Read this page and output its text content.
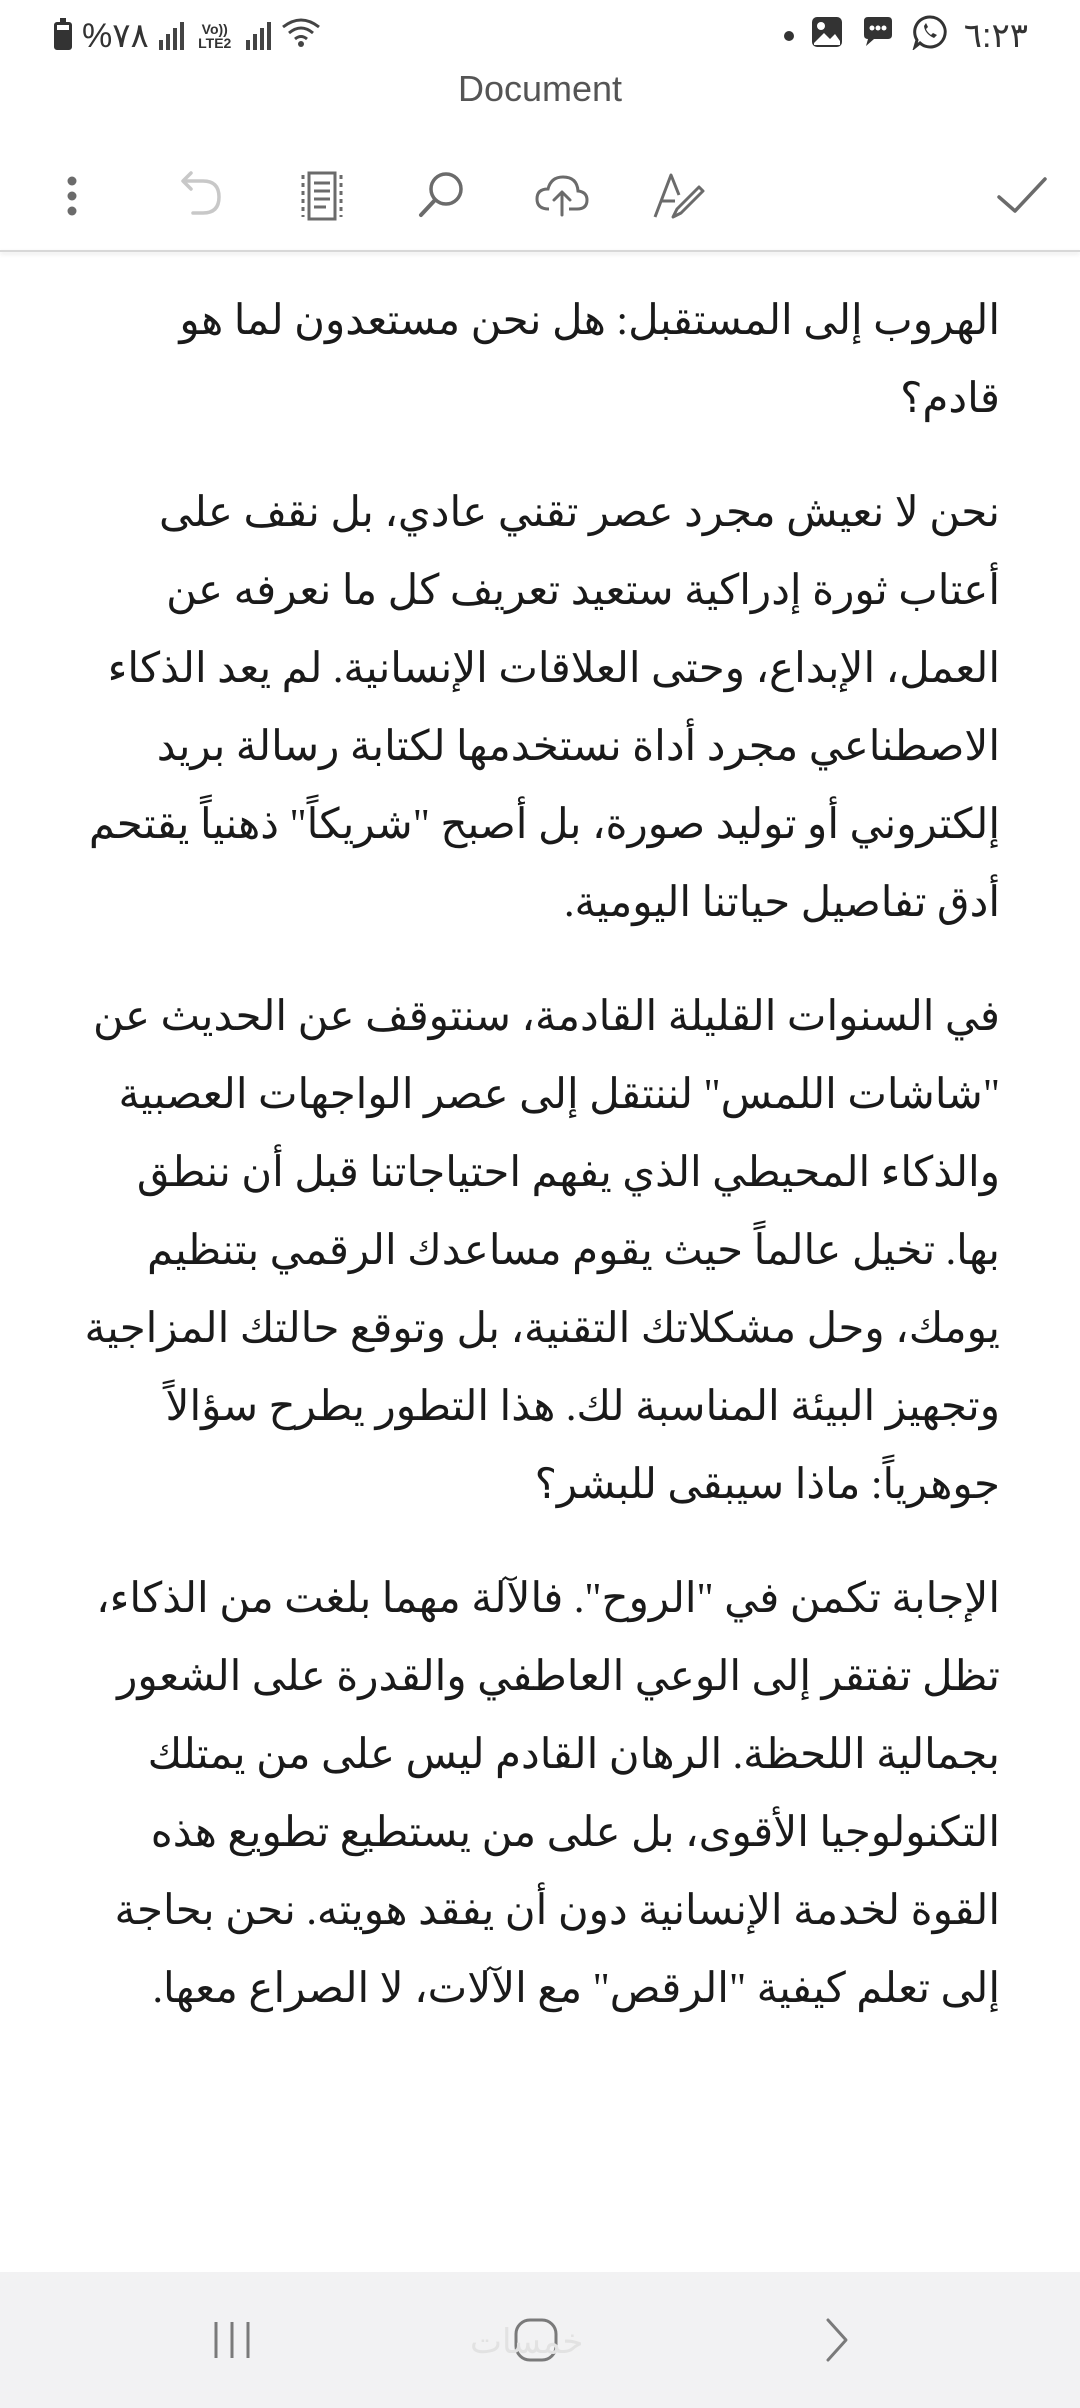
%٧٨	Vo)) LTE2	٦:٢٣
Document

الهروب إلى المستقبل: هل نحن مستعدون لما هو قادم؟

نحن لا نعيش مجرد عصر تقني عادي، بل نقف على أعتاب ثورة إدراكية ستعيد تعريف كل ما نعرفه عن العمل، الإبداع، وحتى العلاقات الإنسانية. لم يعد الذكاء الاصطناعي مجرد أداة نستخدمها لكتابة رسالة بريد إلكتروني أو توليد صورة، بل أصبح "شريكاً" ذهنياً يقتحم أدق تفاصيل حياتنا اليومية.

في السنوات القليلة القادمة، سنتوقف عن الحديث عن "شاشات اللمس" لننتقل إلى عصر الواجهات العصبية والذكاء المحيطي الذي يفهم احتياجاتنا قبل أن ننطق بها. تخيل عالماً حيث يقوم مساعدك الرقمي بتنظيم يومك، وحل مشكلاتك التقنية، بل وتوقع حالتك المزاجية وتجهيز البيئة المناسبة لك. هذا التطور يطرح سؤالاً جوهرياً: ماذا سيبقى للبشر؟

الإجابة تكمن في "الروح". فالآلة مهما بلغت من الذكاء، تظل تفتقر إلى الوعي العاطفي والقدرة على الشعور بجمالية اللحظة. الرهان القادم ليس على من يمتلك التكنولوجيا الأقوى، بل على من يستطيع تطويع هذه القوة لخدمة الإنسانية دون أن يفقد هويته. نحن بحاجة إلى تعلم كيفية "الرقص" مع الآلات، لا الصراع معها.

خمسات
